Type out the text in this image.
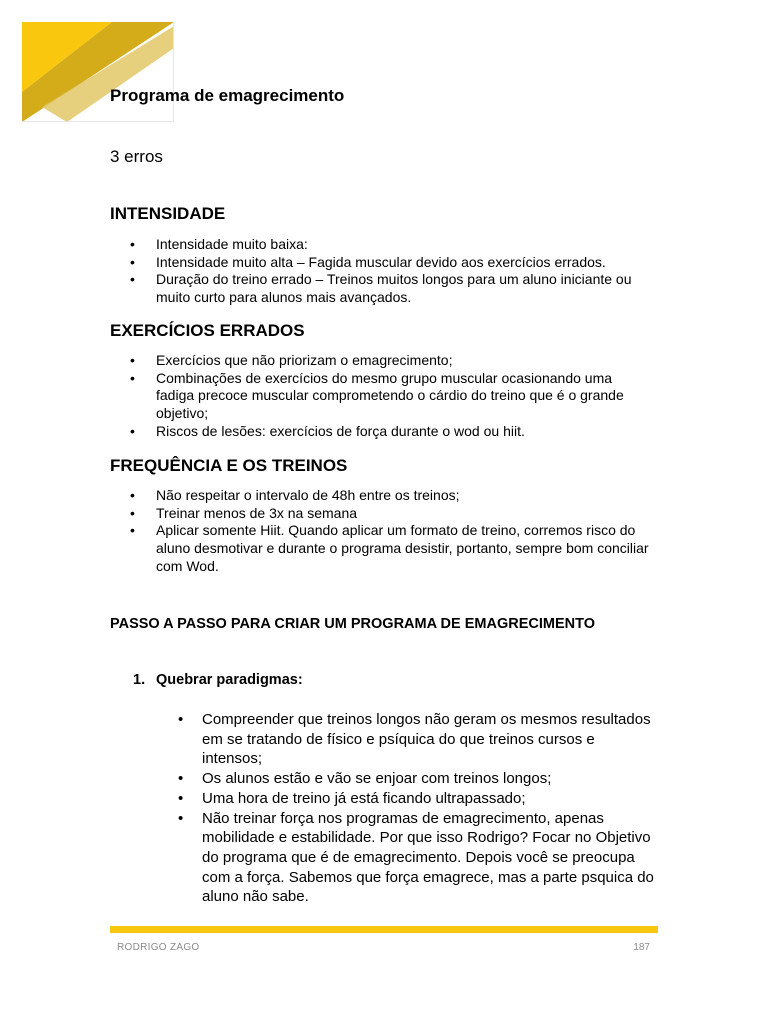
Programa de emagrecimento
3 erros
INTENSIDADE
• Intensidade muito baixa:
• Intensidade muito alta – Fagida muscular devido aos exercícios errados.
• Duração do treino errado – Treinos muitos longos para um aluno iniciante ou muito curto para alunos mais avançados.
EXERCÍCIOS ERRADOS
• Exercícios que não priorizam o emagrecimento;
• Combinações de exercícios do mesmo grupo muscular ocasionando uma fadiga precoce muscular comprometendo o cárdio do treino que é o grande objetivo;
• Riscos de lesões: exercícios de força durante o wod ou hiit.
FREQUÊNCIA E OS TREINOS
• Não respeitar o intervalo de 48h entre os treinos;
• Treinar menos de 3x na semana
• Aplicar somente Hiit. Quando aplicar um formato de treino, corremos risco do aluno desmotivar e durante o programa desistir, portanto, sempre bom conciliar com Wod.
PASSO A PASSO PARA CRIAR UM PROGRAMA DE EMAGRECIMENTO

1. Quebrar paradigmas:

• Compreender que treinos longos não geram os mesmos resultados em se tratando de físico e psíquica do que treinos cursos e intensos;
• Os alunos estão e vão se enjoar com treinos longos;
• Uma hora de treino já está ficando ultrapassado;
• Não treinar força nos programas de emagrecimento, apenas mobilidade e estabilidade. Por que isso Rodrigo? Focar no Objetivo do programa que é de emagrecimento. Depois você se preocupa com a força. Sabemos que força emagrece, mas a parte psquica do aluno não sabe.
RODRIGO ZAGO	187
